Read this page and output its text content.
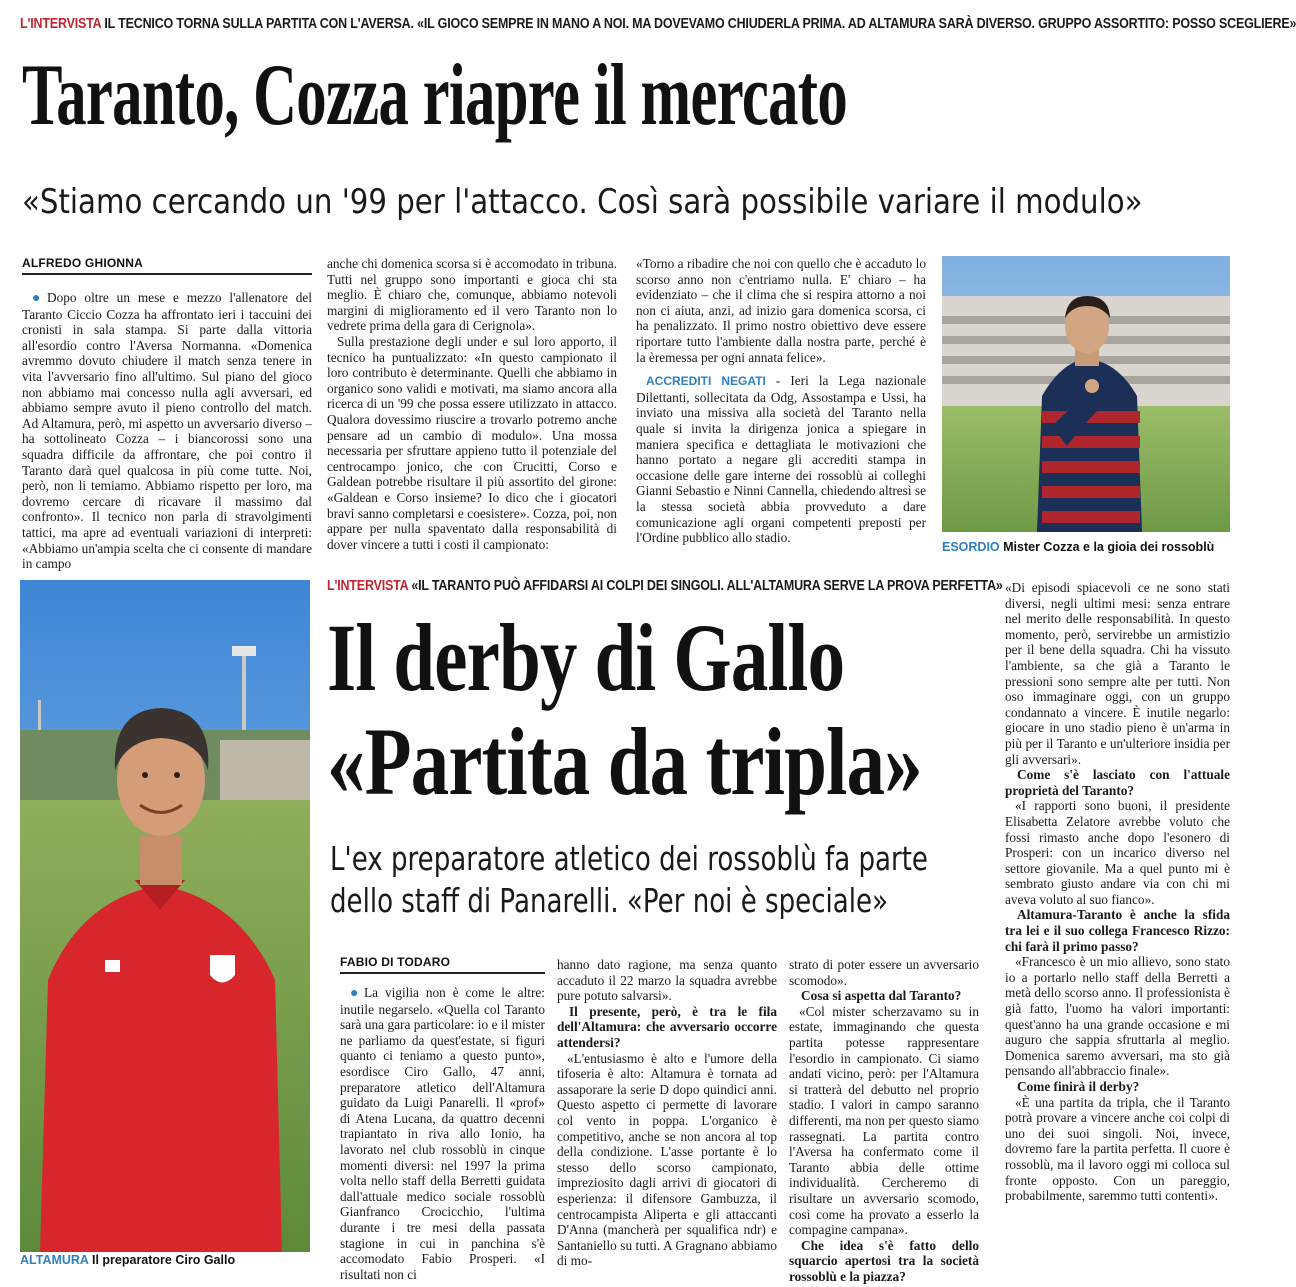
L'INTERVISTA IL TECNICO TORNA SULLA PARTITA CON L'AVERSA. «IL GIOCO SEMPRE IN MANO A NOI. MA DOVEVAMO CHIUDERLA PRIMA. AD ALTAMURA SARÀ DIVERSO. GRUPPO ASSORTITO: POSSO SCEGLIERE»
Taranto, Cozza riapre il mercato
«Stiamo cercando un '99 per l'attacco. Così sarà possibile variare il modulo»
ALFREDO GHIONNA

● Dopo oltre un mese e mezzo l'allenatore del Taranto Ciccio Cozza ha affrontato ieri i taccuini dei cronisti in sala stampa. Si parte dalla vittoria all'esordio contro l'Aversa Normanna. «Domenica avremmo dovuto chiudere il match senza tenere in vita l'avversario fino all'ultimo. Sul piano del gioco non abbiamo mai concesso nulla agli avversari, ed abbiamo sempre avuto il pieno controllo del match. Ad Altamura, però, mi aspetto un avversario diverso – ha sottolineato Cozza – i biancorossi sono una squadra difficile da affrontare, che poi contro il Taranto darà quel qualcosa in più come tutte. Noi, però, non li temiamo. Abbiamo rispetto per loro, ma dovremo cercare di ricavare il massimo dal confronto». Il tecnico non parla di stravolgimenti tattici, ma apre ad eventuali variazioni di interpreti: «Abbiamo un'ampia scelta che ci consente di mandare in campo

anche chi domenica scorsa si è accomodato in tribuna. Tutti nel gruppo sono importanti e gioca chi sta meglio. È chiaro che, comunque, abbiamo notevoli margini di miglioramento ed il vero Taranto non lo vedrete prima della gara di Cerignola».

Sulla prestazione degli under e sul loro apporto, il tecnico ha puntualizzato: «In questo campionato il loro contributo è determinante. Quelli che abbiamo in organico sono validi e motivati, ma siamo ancora alla ricerca di un '99 che possa essere utilizzato in attacco. Qualora dovessimo riuscire a trovarlo potremo anche pensare ad un cambio di modulo». Una mossa necessaria per sfruttare appieno tutto il potenziale del centrocampo jonico, che con Crucitti, Corso e Galdean potrebbe risultare il più assortito del girone: «Galdean e Corso insieme? Io dico che i giocatori bravi sanno completarsi e coesistere». Cozza, poi, non appare per nulla spaventato dalla responsabilità di dover vincere a tutti i costi il campionato:

«Torno a ribadire che noi con quello che è accaduto lo scorso anno non c'entriamo nulla. E' chiaro – ha evidenziato – che il clima che si respira attorno a noi non ci aiuta, anzi, ad inizio gara domenica scorsa, ci ha penalizzato. Il primo nostro obiettivo deve essere riportare tutto l'ambiente dalla nostra parte, perché è la èremessa per ogni annata felice».

ACCREDITI NEGATI - Ieri la Lega nazionale Dilettanti, sollecitata da Odg, Assostampa e Ussi, ha inviato una missiva alla società del Taranto nella quale si invita la dirigenza jonica a spiegare in maniera specifica e dettagliata le motivazioni che hanno portato a negare gli accrediti stampa in occasione delle gare interne dei rossoblù ai colleghi Gianni Sebastio e Ninni Cannella, chiedendo altresì se la stessa società abbia provveduto a dare comunicazione agli organi competenti preposti per l'Ordine pubblico allo stadio.

ESORDIO Mister Cozza e la gioia dei rossoblù
ALTAMURA Il preparatore Ciro Gallo
L'INTERVISTA «IL TARANTO PUÒ AFFIDARSI AI COLPI DEI SINGOLI. ALL'ALTAMURA SERVE LA PROVA PERFETTA»
Il derby di Gallo
«Partita da tripla»
L'ex preparatore atletico dei rossoblù fa parte
dello staff di Panarelli. «Per noi è speciale»
FABIO DI TODARO

● La vigilia non è come le altre: inutile negarselo. «Quella col Taranto sarà una gara particolare: io e il mister ne parliamo da quest'estate, si figuri quanto ci teniamo a questo punto», esordisce Ciro Gallo, 47 anni, preparatore atletico dell'Altamura guidato da Luigi Panarelli. Il «prof» di Atena Lucana, da quattro decenni trapiantato in riva allo Ionio, ha lavorato nel club rossoblù in cinque momenti diversi: nel 1997 la prima volta nello staff della Berretti guidata dall'attuale medico sociale rossoblù Gianfranco Crocicchio, l'ultima durante i tre mesi della passata stagione in cui in panchina s'è accomodato Fabio Prosperi. «I risultati non ci

hanno dato ragione, ma senza quanto accaduto il 22 marzo la squadra avrebbe pure potuto salvarsi».

Il presente, però, è tra le fila dell'Altamura: che avversario occorre attendersi?

«L'entusiasmo è alto e l'umore della tifoseria è alto: Altamura è tornata ad assaporare la serie D dopo quindici anni. Questo aspetto ci permette di lavorare col vento in poppa. L'organico è competitivo, anche se non ancora al top della condizione. L'asse portante è lo stesso dello scorso campionato, impreziosito dagli arrivi di giocatori di esperienza: il difensore Gambuzza, il centrocampista Aliperta e gli attaccanti D'Anna (mancherà per squalifica ndr) e Santaniello su tutti. A Gragnano abbiamo di mo-

strato di poter essere un avversario scomodo».

Cosa si aspetta dal Taranto?

«Col mister scherzavamo su in estate, immaginando che questa partita potesse rappresentare l'esordio in campionato. Ci siamo andati vicino, però: per l'Altamura si tratterà del debutto nel proprio stadio. I valori in campo saranno differenti, ma non per questo siamo rassegnati. La partita contro l'Aversa ha confermato come il Taranto abbia delle ottime individualità. Cercheremo di risultare un avversario scomodo, così come ha provato a esserlo la compagine campana».

Che idea s'è fatto dello squarcio apertosi tra la società rossoblù e la piazza?

«Di episodi spiacevoli ce ne sono stati diversi, negli ultimi mesi: senza entrare nel merito delle responsabilità. In questo momento, però, servirebbe un armistizio per il bene della squadra. Chi ha vissuto l'ambiente, sa che già a Taranto le pressioni sono sempre alte per tutti. Non oso immaginare oggi, con un gruppo condannato a vincere. È inutile negarlo: giocare in uno stadio pieno è un'arma in più per il Taranto e un'ulteriore insidia per gli avversari».

Come s'è lasciato con l'attuale proprietà del Taranto?

«I rapporti sono buoni, il presidente Elisabetta Zelatore avrebbe voluto che fossi rimasto anche dopo l'esonero di Prosperi: con un incarico diverso nel settore giovanile. Ma a quel punto mi è sembrato giusto andare via con chi mi aveva voluto al suo fianco».

Altamura-Taranto è anche la sfida tra lei e il suo collega Francesco Rizzo: chi farà il primo passo?

«Francesco è un mio allievo, sono stato io a portarlo nello staff della Berretti a metà dello scorso anno. Il professionista è già fatto, l'uomo ha valori importanti: quest'anno ha una grande occasione e mi auguro che sappia sfruttarla al meglio. Domenica saremo avversari, ma sto già pensando all'abbraccio finale».

Come finirà il derby?

«È una partita da tripla, che il Taranto potrà provare a vincere anche coi colpi di uno dei suoi singoli. Noi, invece, dovremo fare la partita perfetta. Il cuore è rossoblù, ma il lavoro oggi mi colloca sul fronte opposto. Con un pareggio, probabilmente, saremmo tutti contenti».
